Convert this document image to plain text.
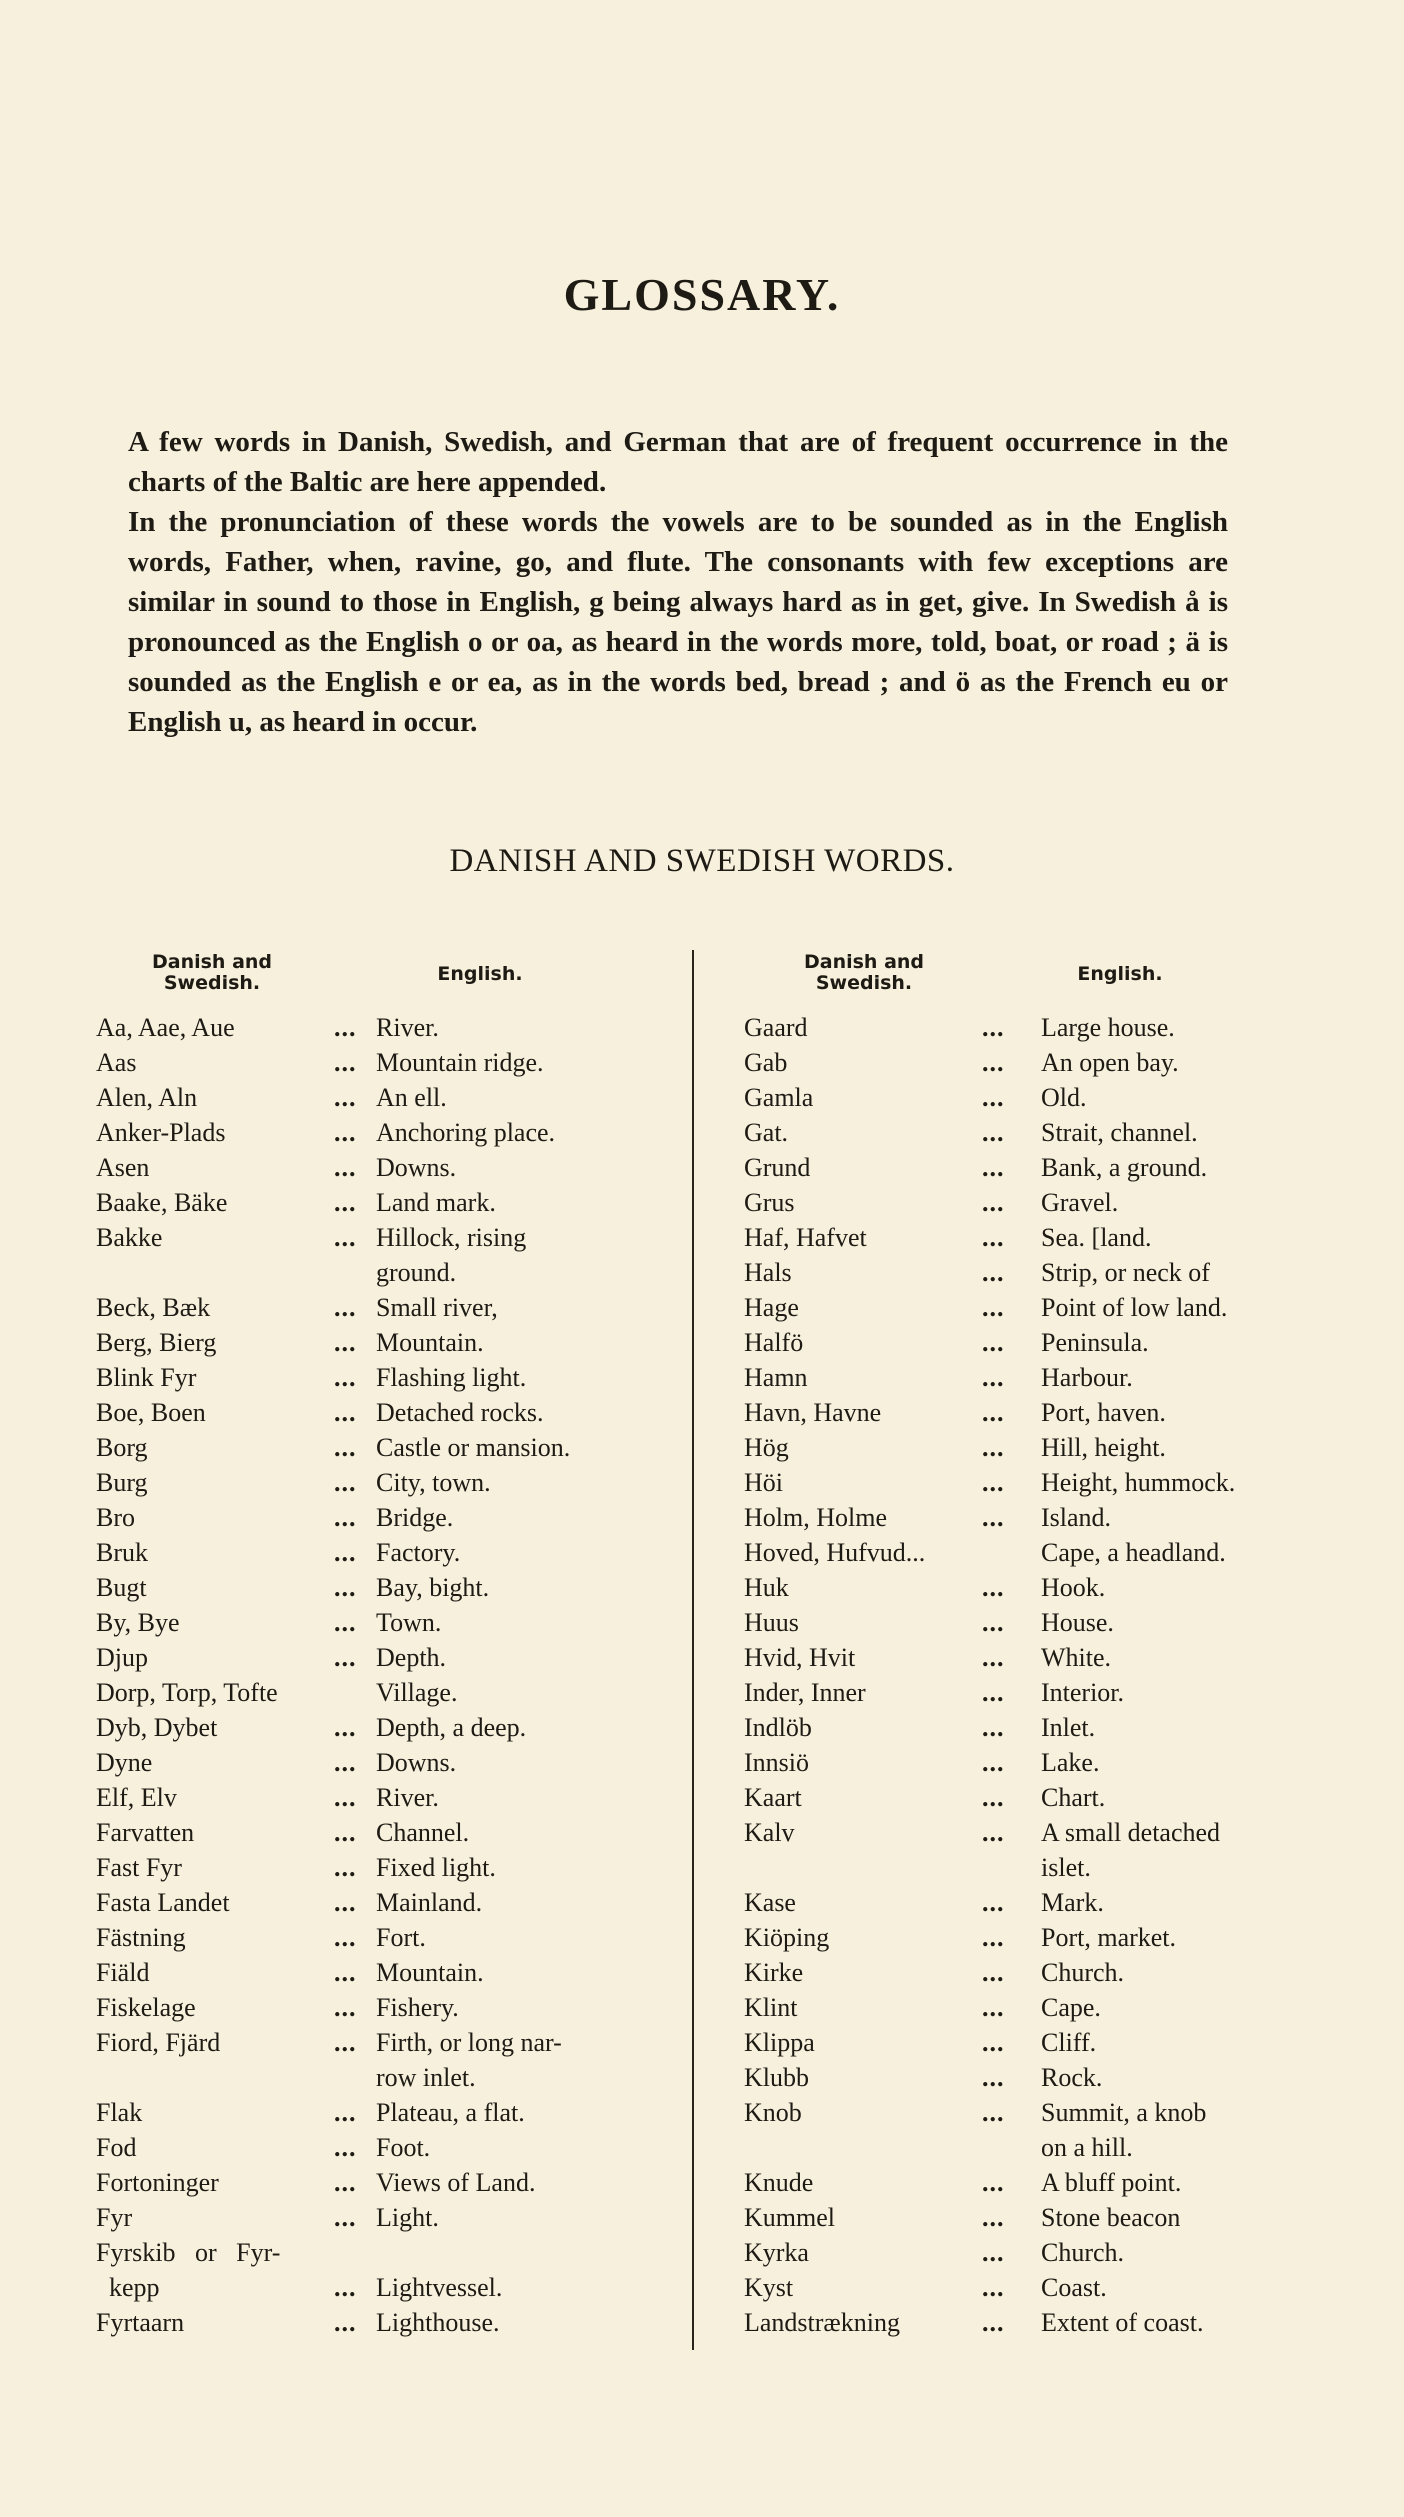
GLOSSARY.

A few words in Danish, Swedish, and German that are of frequent occurrence in the charts of the Baltic are here appended.

In the pronunciation of these words the vowels are to be sounded as in the English words, Father, when, ravine, go, and flute. The consonants with few exceptions are similar in sound to those in English, g being always hard as in get, give. In Swedish å is pronounced as the English o or oa, as heard in the words more, told, boat, or road ; ä is sounded as the English e or ea, as in the words bed, bread ; and ö as the French eu or English u, as heard in occur.

DANISH AND SWEDISH WORDS.
Danish and
Swedish.	English.
Danish and
Swedish.	English.
Aa, Aae, Aue	... River.
Aas	... Mountain ridge.
Alen, Aln	... An ell.
Anker-Plads	... Anchoring place.
Asen	... Downs.
Baake, Bäke	... Land mark.
Bakke	... Hillock, rising
ground.
Beck, Bæk	... Small river,
Berg, Bierg	... Mountain.
Blink Fyr	... Flashing light.
Boe, Boen	... Detached rocks.
Borg	... Castle or mansion.
Burg	... City, town.
Bro	... Bridge.
Bruk	... Factory.
Bugt	... Bay, bight.
By, Bye	... Town.
Djup	... Depth.
Dorp, Torp, Tofte	Village.
Dyb, Dybet	... Depth, a deep.
Dyne	... Downs.
Elf, Elv	... River.
Farvatten	... Channel.
Fast Fyr	... Fixed light.
Fasta Landet	... Mainland.
Fästning	... Fort.
Fiäld	... Mountain.
Fiskelage	... Fishery.
Fiord, Fjärd	... Firth, or long nar-
row inlet.
Flak	... Plateau, a flat.
Fod	... Foot.
Fortoninger	... Views of Land.
Fyr	... Light.
Fyrskib   or   Fyr-
kepp	... Lightvessel.
Fyrtaarn	... Lighthouse.
Gaard	... Large house.
Gab	... An open bay.
Gamla	... Old.
Gat.	... Strait, channel.
Grund	... Bank, a ground.
Grus	... Gravel.
Haf, Hafvet	... Sea. [land.
Hals	... Strip, or neck of
Hage	... Point of low land.
Halfö	... Peninsula.
Hamn	... Harbour.
Havn, Havne	... Port, haven.
Hög	... Hill, height.
Höi	... Height, hummock.
Holm, Holme	... Island.
Hoved, Hufvud...	Cape, a headland.
Huk	... Hook.
Huus	... House.
Hvid, Hvit	... White.
Inder, Inner	... Interior.
Indlöb	... Inlet.
Innsiö	... Lake.
Kaart	... Chart.
Kalv	... A small detached
islet.
Kase	... Mark.
Kiöping	... Port, market.
Kirke	... Church.
Klint	... Cape.
Klippa	... Cliff.
Klubb	... Rock.
Knob	... Summit, a knob
on a hill.
Knude	... A bluff point.
Kummel	... Stone beacon
Kyrka	... Church.
Kyst	... Coast.
Landstrækning	... Extent of coast.
